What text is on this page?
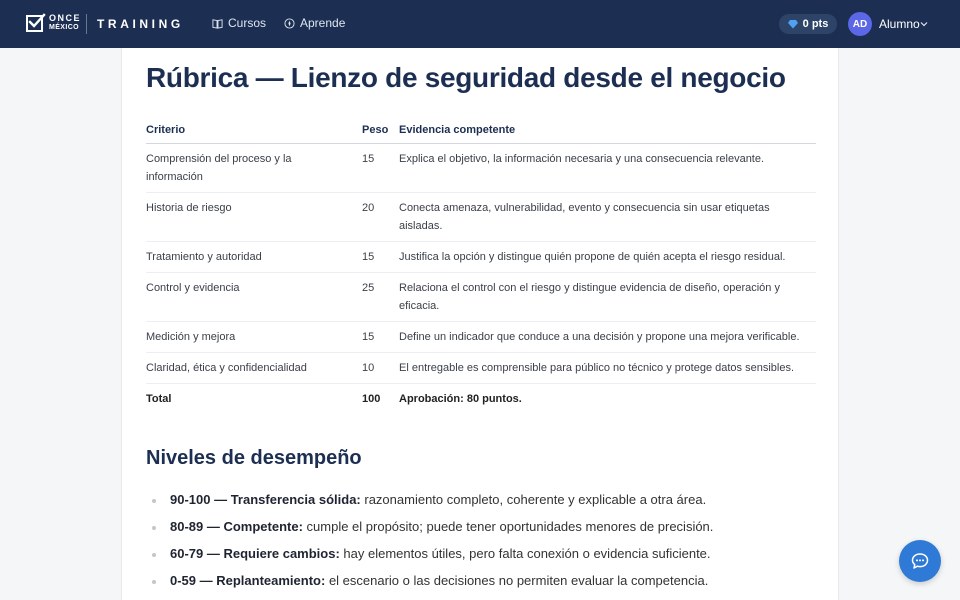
ONCE
MÉXICO TRAINING	Cursos	Aprende	0 pts	AD Alumno
Rúbrica — Lienzo de seguridad desde el negocio
Criterio	Peso	Evidencia competente
Comprensión del proceso y la información	15	Explica el objetivo, la información necesaria y una consecuencia relevante.
Historia de riesgo	20	Conecta amenaza, vulnerabilidad, evento y consecuencia sin usar etiquetas aisladas.
Tratamiento y autoridad	15	Justifica la opción y distingue quién propone de quién acepta el riesgo residual.
Control y evidencia	25	Relaciona el control con el riesgo y distingue evidencia de diseño, operación y eficacia.
Medición y mejora	15	Define un indicador que conduce a una decisión y propone una mejora verificable.
Claridad, ética y confidencialidad	10	El entregable es comprensible para público no técnico y protege datos sensibles.
Total	100	Aprobación: 80 puntos.
Niveles de desempeño
90-100 — Transferencia sólida: razonamiento completo, coherente y explicable a otra área.
80-89 — Competente: cumple el propósito; puede tener oportunidades menores de precisión.
60-79 — Requiere cambios: hay elementos útiles, pero falta conexión o evidencia suficiente.
0-59 — Replanteamiento: el escenario o las decisiones no permiten evaluar la competencia.
